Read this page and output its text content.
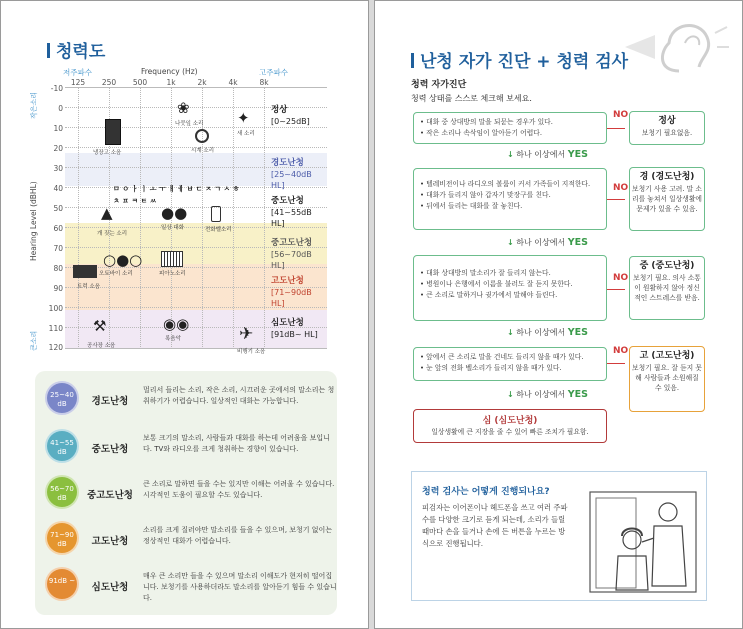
청력도
저주파수	Frequency (Hz)	고주파수
125	250	500	1k	2k	4k	8k
-10
0
10
20
30
40
50
60
70
80
90
100
110
120
작은소리
Hearing Level (dBHL)
큰소리
정상
[0~25dB]
경도난청
[25~40dB HL]
중도난청
[41~55dB HL]
중고도난청
[56~70dB HL]
고도난청
[71~90dB HL]
심도난청
[91dB~ HL]
냉장고 소음
❀
나뭇잎 소리
시계 소리
✦
새 소리
▲
개 짖는 소리
●●
일상 대화	전화벨소리
○●○
오토바이 소리	피아노소리
트럭 소음
⚒
공사장 소음
◉◉
록음악	✈
비행기 소음
ㅁ ㅇ ㅏ ㅣ ㅗ ㅜ ㅐ ㅔ ㅂ ㄷ ㅈ ㄱ ㅅ ㅎ ㅊ ㅍ ㅋ ㅌ ㅆ
25~40 dB	경도난청
멀리서 들리는 소리, 작은 소리, 시끄러운 곳에서의 말소리는 청취하기가 어렵습니다. 일상적인 대화는 가능합니다.
41~55 dB	중도난청
보통 크기의 말소리, 사람들과 대화를 하는데 어려움을 보입니다. TV와 라디오를 크게 청취하는 경향이 있습니다.
56~70 dB	중고도난청
큰 소리로 말하면 들을 수는 있지만 이해는 어려울 수 있습니다. 시각적인 도움이 필요할 수도 있습니다.
71~90 dB	고도난청
소리를 크게 질러야만 말소리를 들을 수 있으며, 보청기 없이는 정상적인 대화가 어렵습니다.
91dB ~
심도난청
매우 큰 소리만 들을 수 있으며 말소리 이해도가 현저히 떨어집니다. 보청기를 사용하더라도 말소리를 알아듣기 힘들 수 있습니다.
난청 자가 진단 + 청력 검사
청력 자가진단
청력 상태를 스스로 체크해 보세요.
• 대화 중 상대방의 말을 되묻는 경우가 있다.
• 작은 소리나 속삭임이 알아듣기 어렵다.
NO
정상
보청기 필요없음.
↓ 하나 이상에서 YES
• 텔레비전이나 라디오의 볼륨이 커서 가족들이 지적한다.
• 대화가 들리지 않아 갑자기 맞장구를 친다.
• 뒤에서 들리는 대화를 잘 놓친다.
NO
경 (경도난청)
보청기 사용 고려. 말 소리를 놓쳐서 일상생활에 문제가 있을 수 있음.
↓ 하나 이상에서 YES
• 대화 상대방의 말소리가 잘 들리지 않는다.
• 병원이나 은행에서 이름을 불러도 잘 듣지 못한다.
• 큰 소리로 말하거나 귓가에서 말해야 들린다.
NO
중 (중도난청)
보청기 필요. 의사 소통이 원활하지 않아 정신적인 스트레스를 받음.
↓ 하나 이상에서 YES
• 앞에서 큰 소리로 말을 건네도 들리지 않을 때가 있다.
• 눈 앞의 전화 벨소리가 들리지 않을 때가 있다.
NO	고 (고도난청)
보청기 필요. 잘 듣지 못해 사람들과 소원해질 수 있음.
↓ 하나 이상에서 YES
심 (심도난청)
일상생활에 큰 지장을 줄 수 있어 빠른 조치가 필요함.
청력 검사는 어떻게 진행되나요?
피검자는 이어폰이나 헤드폰을 쓰고 여러 주파수를 다양한 크기로 듣게 되는데, 소리가 들릴 때마다 손을 들거나 손에 든 버튼을 누르는 방식으로 진행됩니다.
